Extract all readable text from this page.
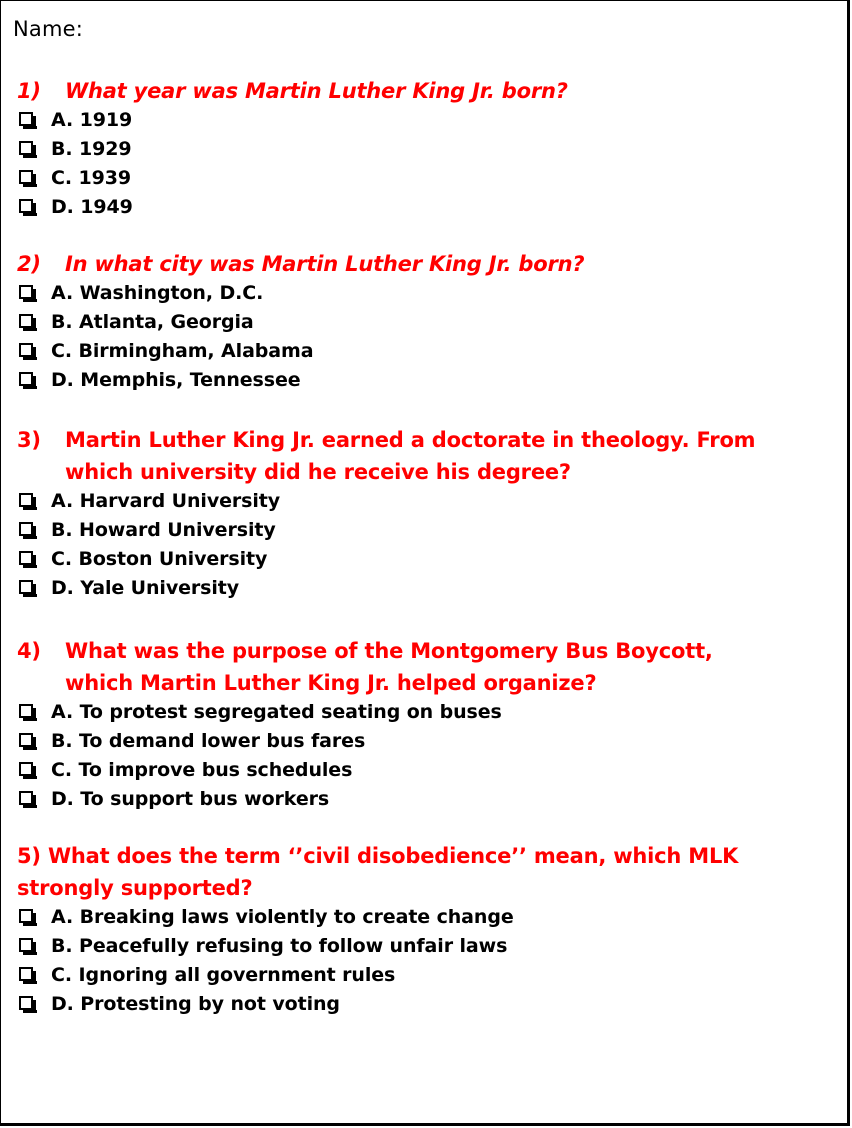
Name:
1) What year was Martin Luther King Jr. born?
A. 1919
B. 1929
C. 1939
D. 1949
2) In what city was Martin Luther King Jr. born?
A. Washington, D.C.
B. Atlanta, Georgia
C. Birmingham, Alabama
D. Memphis, Tennessee
3)	Martin Luther King Jr. earned a doctorate in theology. From which university did he receive his degree?
A. Harvard University
B. Howard University
C. Boston University
D. Yale University
4)	What was the purpose of the Montgomery Bus Boycott, which Martin Luther King Jr. helped organize?
A. To protest segregated seating on buses
B. To demand lower bus fares
C. To improve bus schedules
D. To support bus workers
5) What does the term ‘’civil disobedience’’ mean, which MLK strongly supported?
A. Breaking laws violently to create change
B. Peacefully refusing to follow unfair laws
C. Ignoring all government rules
D. Protesting by not voting
